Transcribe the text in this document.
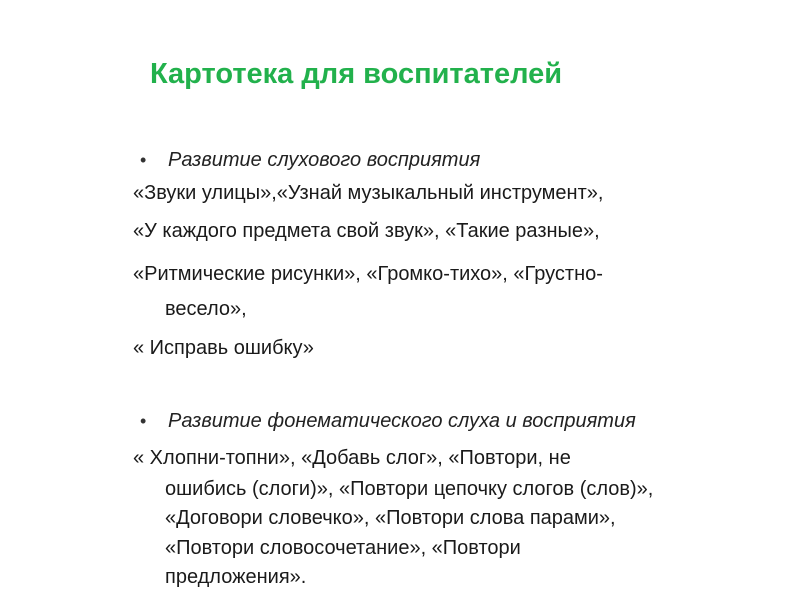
Картотека для воспитателей
• Развитие слухового восприятия
«Звуки улицы»,«Узнай музыкальный инструмент»,
«У каждого предмета свой звук», «Такие разные»,
«Ритмические рисунки», «Громко-тихо», «Грустно-
весело»,
« Исправь ошибку»
• Развитие фонематического слуха и восприятия
« Хлопни-топни», «Добавь слог», «Повтори, не
ошибись (слоги)», «Повтори цепочку слогов (слов)»,
«Договори словечко», «Повтори слова парами»,
«Повтори словосочетание», «Повтори
предложения».
